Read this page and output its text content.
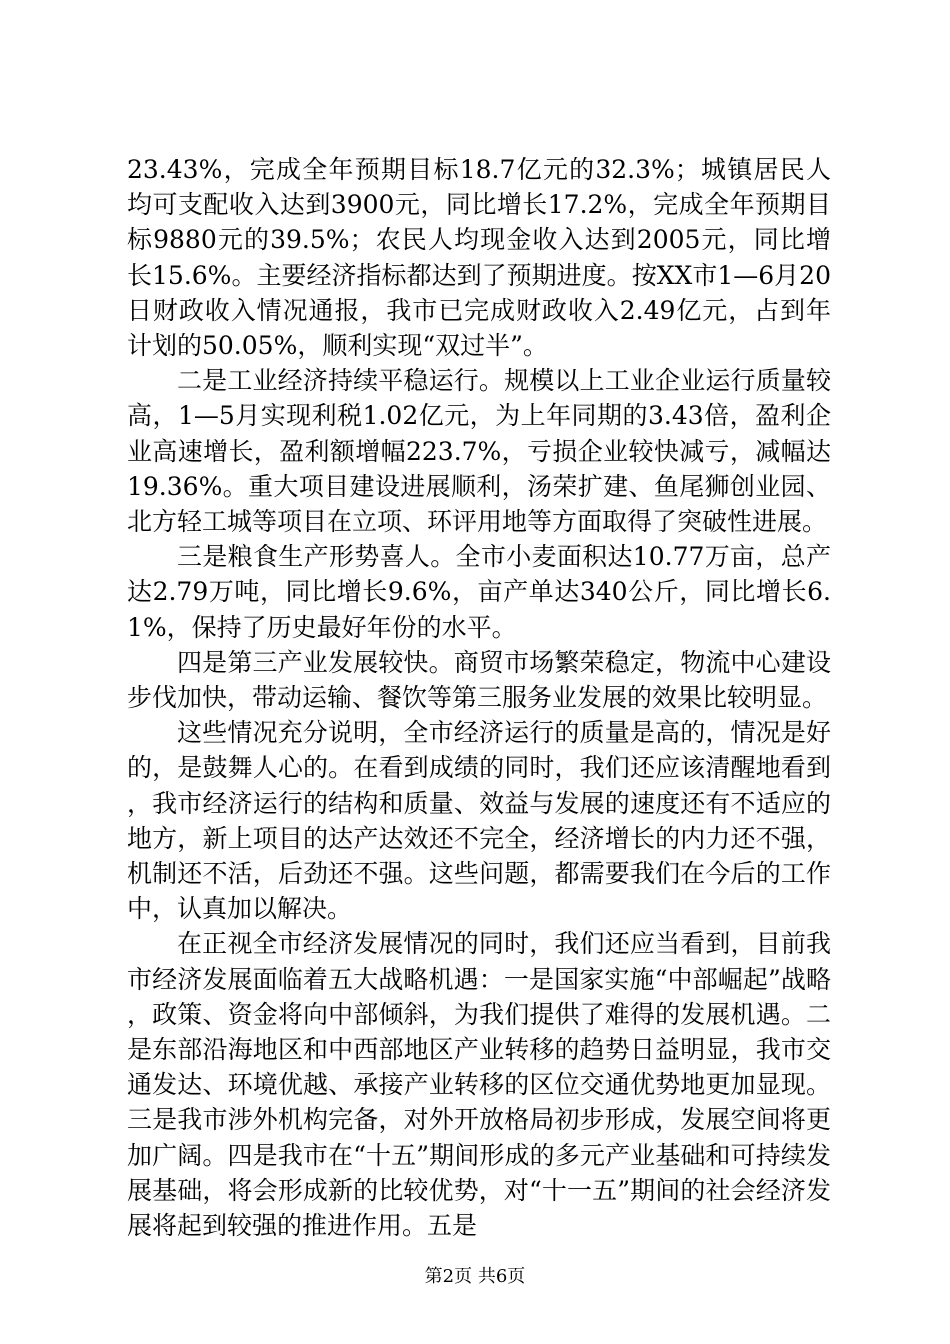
23.43%，完成全年预期目标18.7亿元的32.3%；城镇居民人均可支配收入达到3900元，同比增长17.2%，完成全年预期目标9880元的39.5%；农民人均现金收入达到2005元，同比增长15.6%。主要经济指标都达到了预期进度。按XX市1—6月20日财政收入情况通报，我市已完成财政收入2.49亿元，占到年计划的50.05%，顺利实现“双过半”。

二是工业经济持续平稳运行。规模以上工业企业运行质量较高，1—5月实现利税1.02亿元，为上年同期的3.43倍，盈利企业高速增长，盈利额增幅223.7%，亏损企业较快减亏，减幅达19.36%。重大项目建设进展顺利，汤荣扩建、鱼尾狮创业园、北方轻工城等项目在立项、环评用地等方面取得了突破性进展。

三是粮食生产形势喜人。全市小麦面积达10.77万亩，总产达2.79万吨，同比增长9.6%，亩产单达340公斤，同比增长6.1%，保持了历史最好年份的水平。

四是第三产业发展较快。商贸市场繁荣稳定，物流中心建设步伐加快，带动运输、餐饮等第三服务业发展的效果比较明显。

这些情况充分说明，全市经济运行的质量是高的，情况是好的，是鼓舞人心的。在看到成绩的同时，我们还应该清醒地看到，我市经济运行的结构和质量、效益与发展的速度还有不适应的地方，新上项目的达产达效还不完全，经济增长的内力还不强，机制还不活，后劲还不强。这些问题，都需要我们在今后的工作中，认真加以解决。

在正视全市经济发展情况的同时，我们还应当看到，目前我市经济发展面临着五大战略机遇：一是国家实施“中部崛起”战略，政策、资金将向中部倾斜，为我们提供了难得的发展机遇。二是东部沿海地区和中西部地区产业转移的趋势日益明显，我市交通发达、环境优越、承接产业转移的区位交通优势地更加显现。三是我市涉外机构完备，对外开放格局初步形成，发展空间将更加广阔。四是我市在“十五”期间形成的多元产业基础和可持续发展基础，将会形成新的比较优势，对“十一五”期间的社会经济发展将起到较强的推进作用。五是

第2页 共6页
